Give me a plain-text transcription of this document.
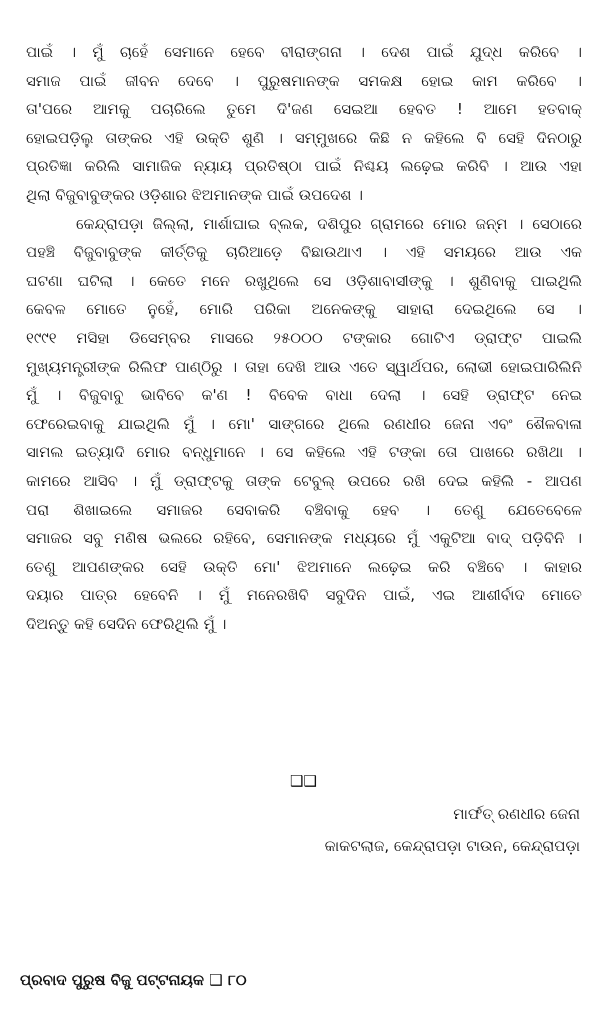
ପାଇଁ । ମୁଁ ଚାହେଁ ସେମାନେ ହେବେ ବୀରାଙ୍ଗନା । ଦେଶ ପାଇଁ ଯୁଦ୍ଧ କରିବେ ।
ସମାଜ ପାଇଁ ଜୀବନ ଦେବେ । ପୁରୁଷମାନଙ୍କ ସମକକ୍ଷ ହୋଇ କାମ କରିବେ ।
ତା'ପରେ ଆମକୁ ପଚାରିଲେ ତୁମେ ଦି'ଜଣ ସେଇଆ ହେବତ ! ଆମେ ହତବାକ୍
ହୋଇପଡ଼ିଲୁ ତାଙ୍କର ଏହି ଉକ୍ତି ଶୁଣି । ସମ୍ମୁଖରେ କିଛି ନ କହିଲେ ବି ସେହି ଦିନଠାରୁ
ପ୍ରତିଜ୍ଞା କରିଲି ସାମାଜିକ ନ୍ୟାୟ ପ୍ରତିଷ୍ଠା ପାଇଁ ନିଶ୍ଚୟ ଲଢ଼େଇ କରିବି । ଆଉ ଏହା
ଥିଲା ବିଜୁବାବୁଙ୍କର ଓଡ଼ିଶାର ଝିଅମାନଙ୍କ ପାଇଁ ଉପଦେଶ ।
କେନ୍ଦ୍ରାପଡ଼ା ଜିଲ୍ଲା, ମାର୍ଶାଘାଇ ବ୍ଲକ, ଦଶିପୁର ଗ୍ରାମରେ ମୋର ଜନ୍ମ । ସେଠାରେ
ପହଞ୍ଚି ବିଜୁବାବୁଙ୍କ କୀର୍ତ୍ତିକୁ ଚାରିଆଡ଼େ ବିଛାଉଥାଏ । ଏହି ସମୟରେ ଆଉ ଏକ
ଘଟଣା ଘଟିଲା । କେତେ ମନେ ରଖୁଥିଲେ ସେ ଓଡ଼ିଶାବାସୀଙ୍କୁ । ଶୁଣିବାକୁ ପାଇଥିଲି
କେବଳ ମୋତେ ନୁହେଁ, ମୋରି ପରିକା ଅନେକଙ୍କୁ ସାହାରା ଦେଇଥିଲେ ସେ ।
୧୯୯୧ ମସିହା ଡିସେମ୍ବର ମାସରେ ୨୫୦୦୦ ଟଙ୍କାର ଗୋଟିଏ ଡ୍ରାଫ୍ଟ ପାଇଲି
ମୁଖ୍ୟମନ୍ତ୍ରୀଙ୍କ ରିଲିଫ ପାଣ୍ଠିରୁ । ତାହା ଦେଖି ଆଉ ଏତେ ସ୍ୱାର୍ଥପର, ଲୋଭୀ ହୋଇପାରିଲିନି
ମୁଁ । ବିଜୁବାବୁ ଭାବିବେ କ'ଣ ! ବିବେକ ବାଧା ଦେଲା । ସେହି ଡ୍ରାଫ୍ଟ ନେଇ
ଫେରେଇବାକୁ ଯାଇଥିଲି ମୁଁ । ମୋ' ସାଙ୍ଗରେ ଥିଲେ ରଣଧୀର ଜେନା ଏବଂ ଶୈଳବାଳା
ସାମଲ ଇତ୍ୟାଦି ମୋର ବନ୍ଧୁମାନେ । ସେ କହିଲେ ଏହି ଟଙ୍କା ତୋ ପାଖରେ ରଖିଥା ।
କାମରେ ଆସିବ । ମୁଁ ଡ୍ରାଫ୍ଟକୁ ତାଙ୍କ ଟେବୁଲ୍ ଉପରେ ରଖି ଦେଇ କହିଲି - ଆପଣ
ପରା ଶିଖାଇଲେ ସମାଜର ସେବାକରି ବଞ୍ଚିବାକୁ ହେବ । ତେଣୁ ଯେତେବେଳେ
ସମାଜର ସବୁ ମଣିଷ ଭଲରେ ରହିବେ, ସେମାନଙ୍କ ମଧ୍ୟରେ ମୁଁ ଏକୁଟିଆ ବାଦ୍ ପଡ଼ିବିନି ।
ତେଣୁ ଆପଣଙ୍କର ସେହି ଉକ୍ତି ମୋ' ଝିଅମାନେ ଲଢ଼େଇ କରି ବଞ୍ଚିବେ । କାହାର
ଦୟାର ପାତ୍ର ହେବେନି । ମୁଁ ମନେରଖିବି ସବୁଦିନ ପାଇଁ, ଏଇ ଆଶୀର୍ବାଦ ମୋତେ
ଦିଅନ୍ତୁ କହି ସେଦିନ ଫେରିଥିଲି ମୁଁ ।
❑❑
ମାର୍ଫତ୍ ରଣଧୀର ଜେନା
କାକଟଲାଜ, କେନ୍ଦ୍ରାପଡ଼ା ଟାଉନ, କେନ୍ଦ୍ରାପଡ଼ା
ପ୍ରବାଦ ପୁରୁଷ ବିଜୁ ପଟ୍ଟନାୟକ ❑ ୮୦
